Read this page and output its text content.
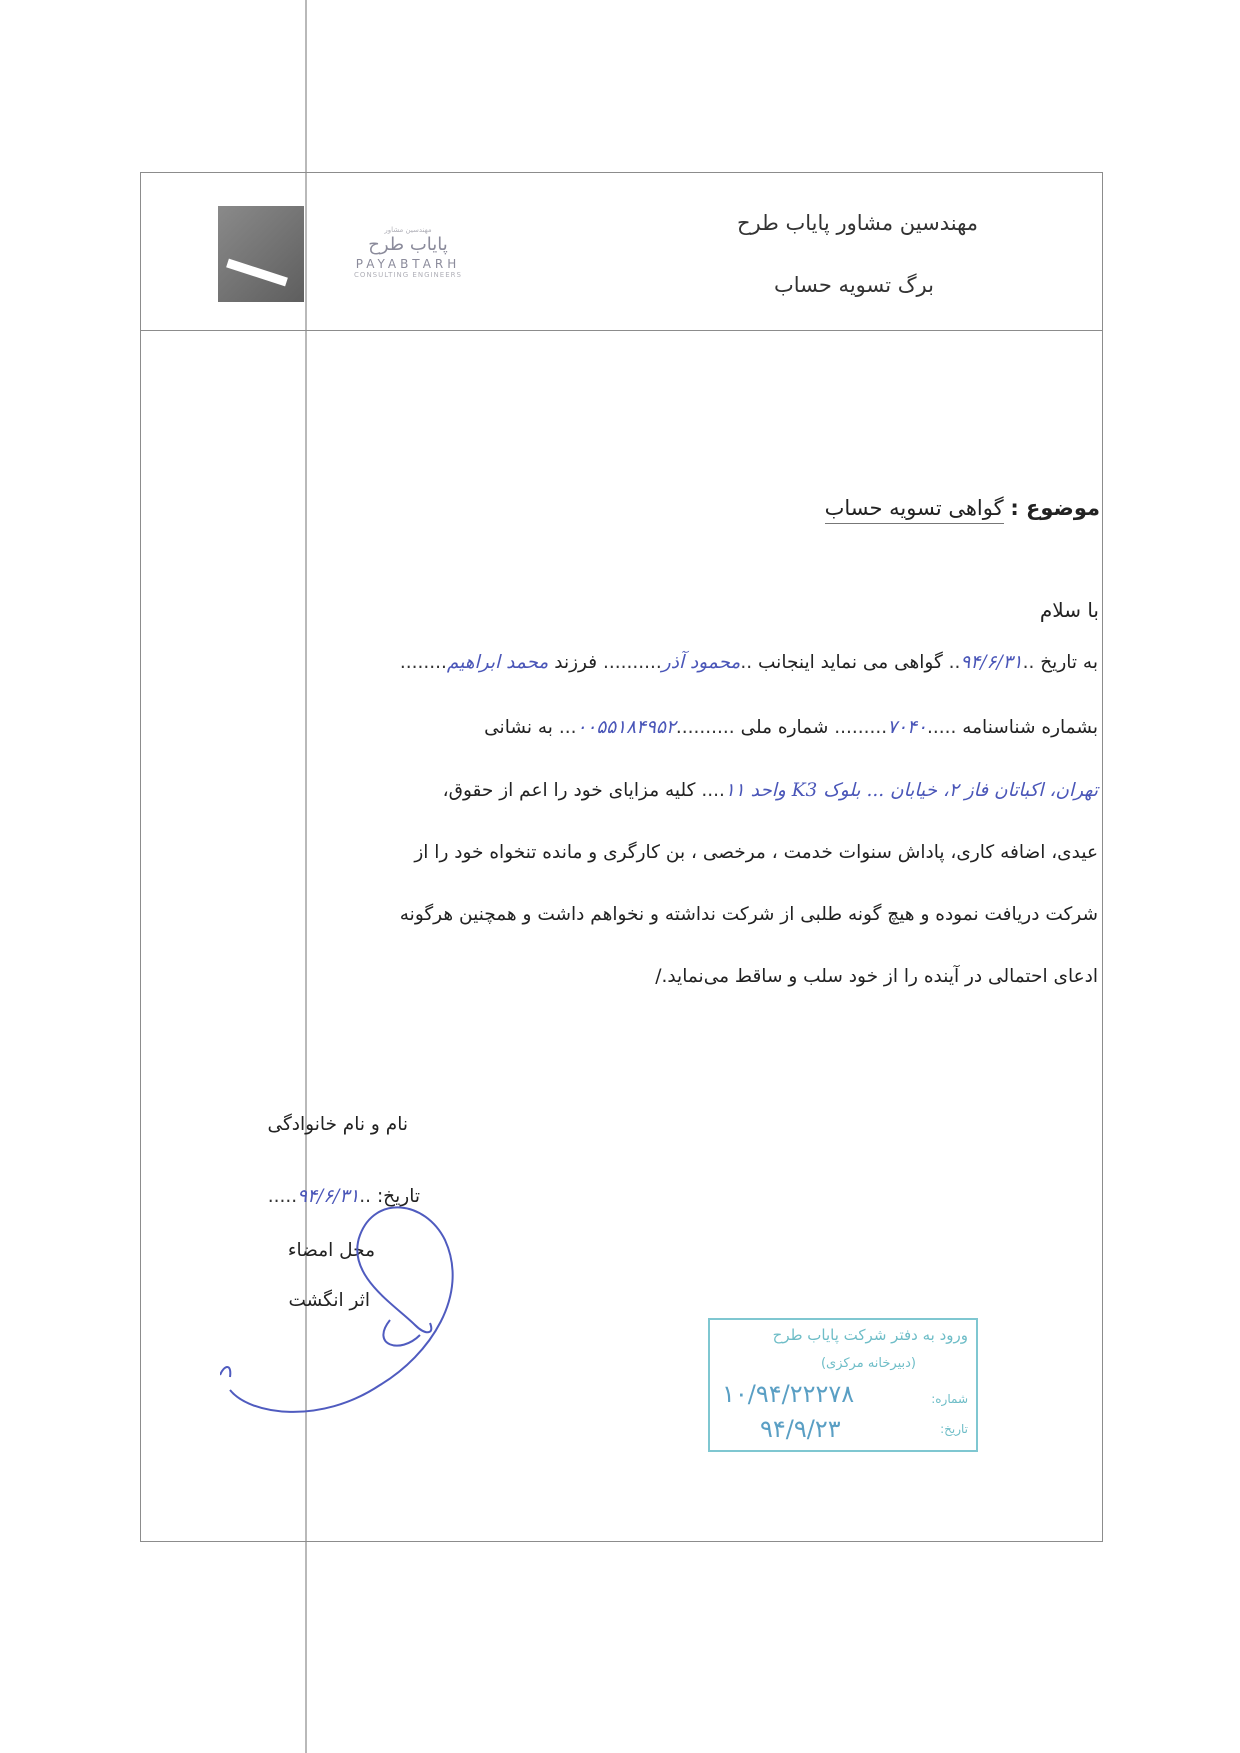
مهندسین مشاور
پایاب طرح
PAYABTARH
CONSULTING ENGINEERS
مهندسین مشاور پایاب طرح
برگ تسویه حساب
موضوع : گواهی تسویه حساب
با سلام
به تاریخ ..۹۴/۶/۳۱.. گواهی می نماید اینجانب ..محمود آذر.......... فرزند محمد ابراهیم........
بشماره شناسنامه .....۷۰۴۰......... شماره ملی ..........۰۰۵۵۱۸۴۹۵۲... به نشانی
تهران، اکباتان فاز ۲، خیابان ... بلوک K3 واحد ۱۱.... کلیه مزایای خود را اعم از حقوق،
عیدی، اضافه کاری، پاداش سنوات خدمت ، مرخصی ، بن کارگری و مانده تنخواه خود را از
شرکت دریافت نموده و هیچ گونه طلبی از شرکت نداشته و نخواهم داشت و همچنین هرگونه
ادعای احتمالی در آینده را از خود سلب و ساقط می‌نماید./
نام و نام خانوادگی
تاریخ: ..۹۴/۶/۳۱.....
محل امضاء
اثر انگشت
ورود به دفتر شرکت پایاب طرح
(دبیرخانه مرکزی)
شماره:
تاریخ:
۱۰/۹۴/۲۲۲۷۸
۹۴/۹/۲۳
